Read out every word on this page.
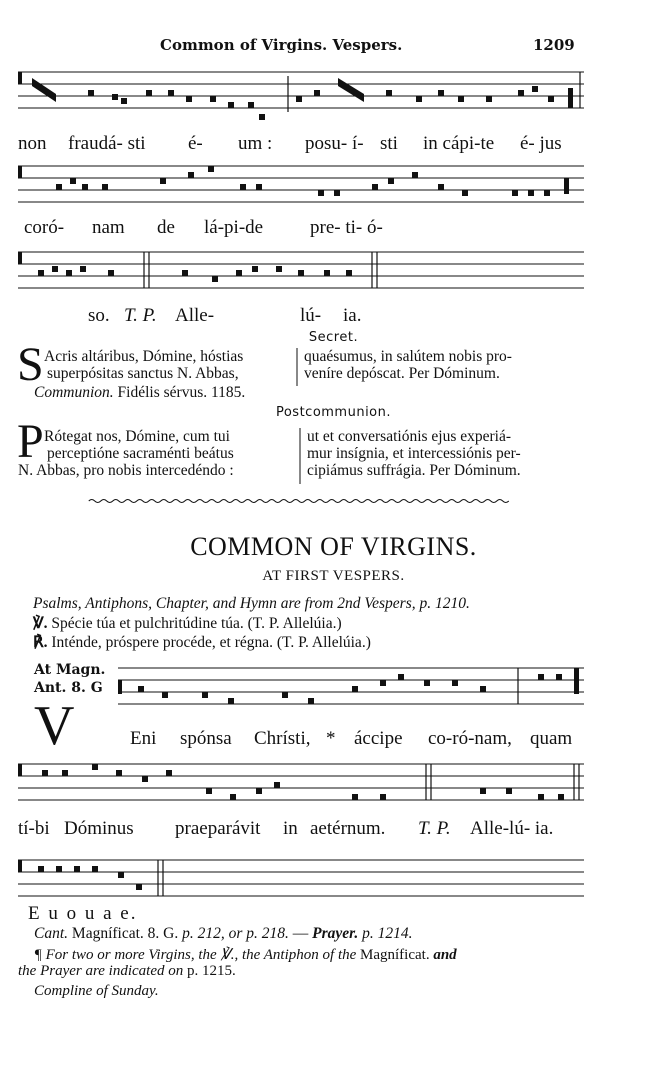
Common of Virgins. Vespers.	1209
non fraudá- sti é- um : posu- í- sti in cápi-te é- jus
coró- nam de lá-pi-de pre- ti- ó-
so. T. P. Alle-	lú- ia.
Secret.
S Acris altáribus, Dómine, hóstias
superpósitas sanctus N. Abbas,
quaésumus, in salútem nobis pro-
veníre depóscat. Per Dóminum.
Communion. Fidélis sérvus. 1185.
Postcommunion.
P Rótegat nos, Dómine, cum tui
perceptióne sacraménti beátus
N. Abbas, pro nobis intercedéndo :
ut et conversatiónis ejus experiá-
mur insígnia, et intercessiónis per-
cipiámus suffrágia. Per Dóminum.
COMMON OF VIRGINS.
AT FIRST VESPERS.
Psalms, Antiphons, Chapter, and Hymn are from 2nd Vespers, p. 1210.
℣. Spécie túa et pulchritúdine túa. (T. P. Allelúia.)
℟. Inténde, próspere procéde, et régna. (T. P. Allelúia.)
At Magn.
Ant. 8. G
V	Eni spónsa Chrísti, * áccipe co-ró-nam, quam
tí-bi Dóminus praeparávit in aetérnum. T. P. Alle-lú- ia.
E u o u a e.
Cant. Magníficat. 8. G. p. 212, or p. 218. — Prayer. p. 1214.
¶ For two or more Virgins, the ℣., the Antiphon of the Magníficat. and
the Prayer are indicated on p. 1215.
Compline of Sunday.
